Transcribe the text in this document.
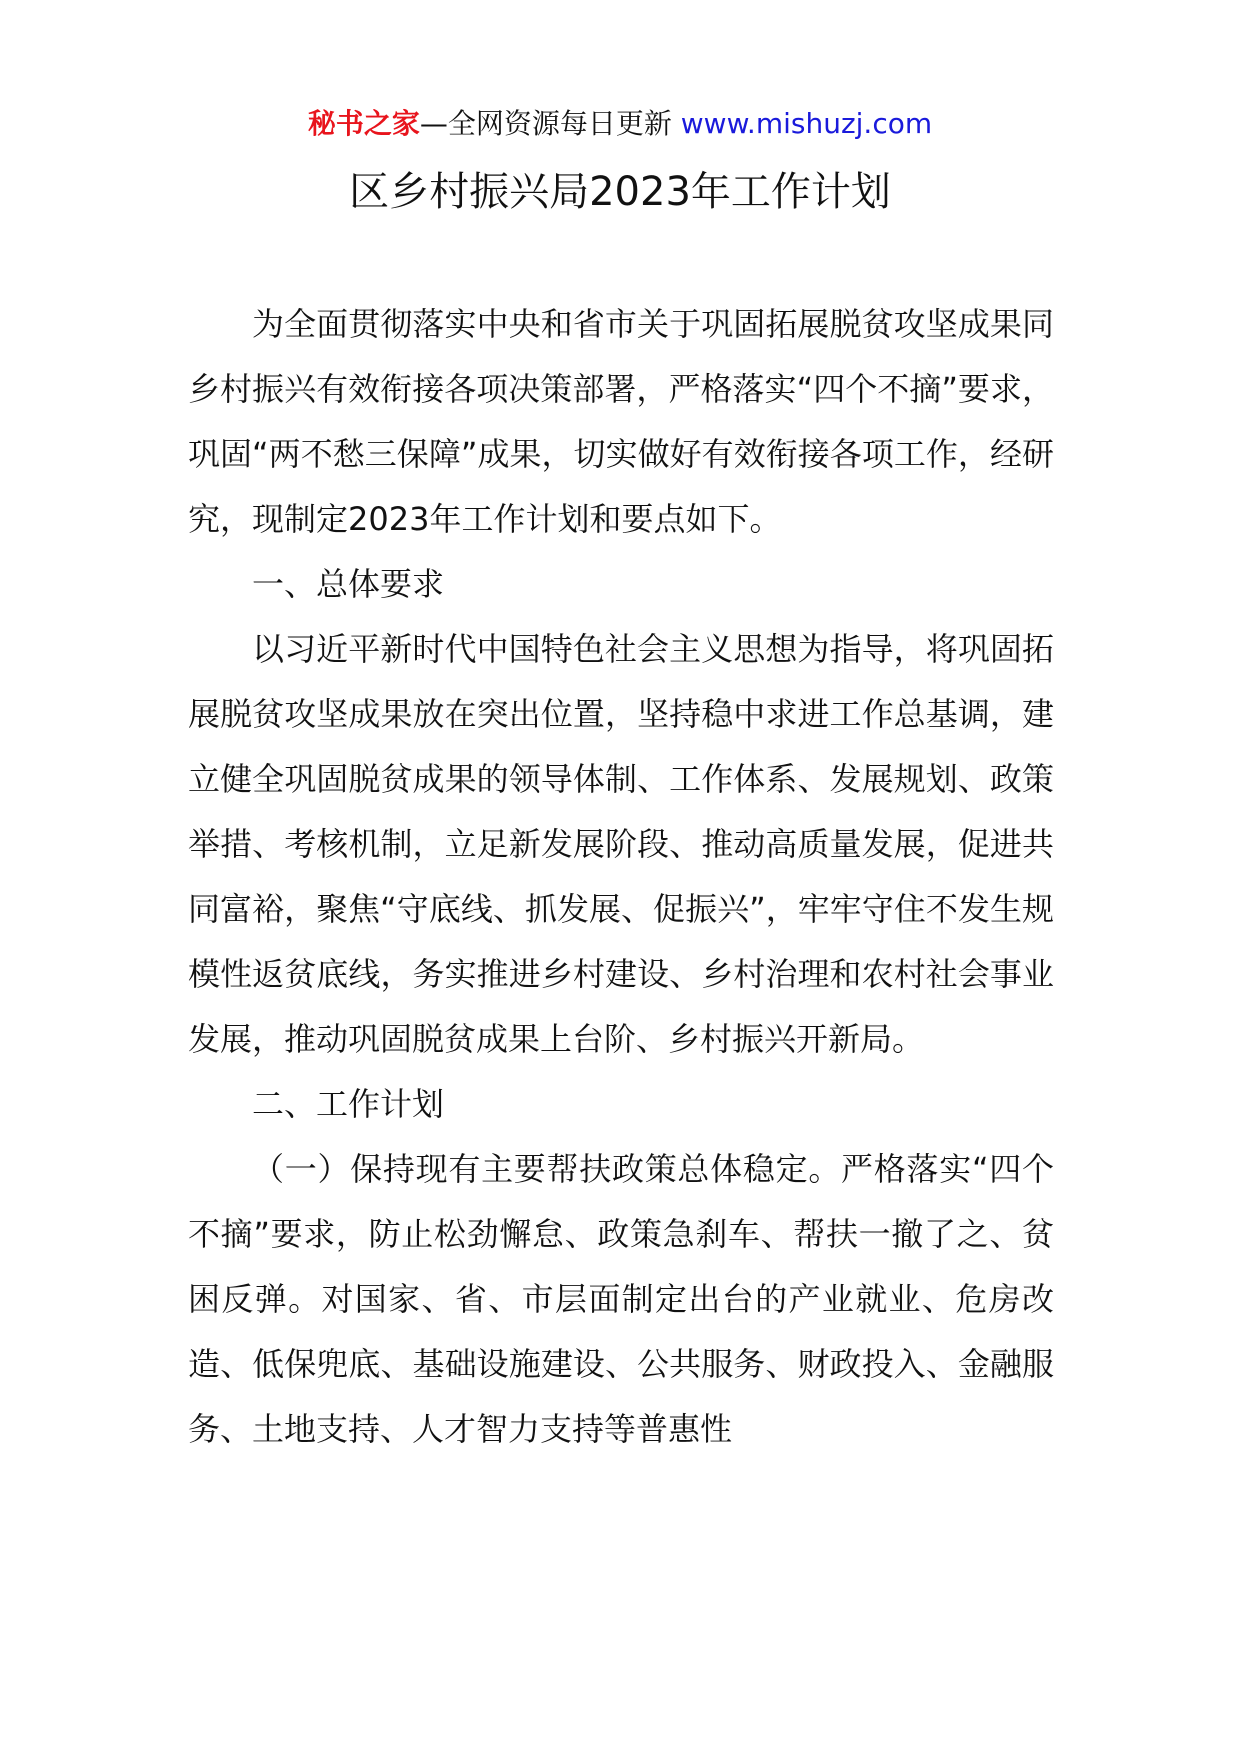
秘书之家—全网资源每日更新 www.mishuzj.com
区乡村振兴局2023年工作计划

为全面贯彻落实中央和省市关于巩固拓展脱贫攻坚成果同乡村振兴有效衔接各项决策部署，严格落实“四个不摘”要求，巩固“两不愁三保障”成果，切实做好有效衔接各项工作，经研究，现制定2023年工作计划和要点如下。

一、总体要求

以习近平新时代中国特色社会主义思想为指导，将巩固拓展脱贫攻坚成果放在突出位置，坚持稳中求进工作总基调，建立健全巩固脱贫成果的领导体制、工作体系、发展规划、政策举措、考核机制，立足新发展阶段、推动高质量发展，促进共同富裕，聚焦“守底线、抓发展、促振兴”，牢牢守住不发生规模性返贫底线，务实推进乡村建设、乡村治理和农村社会事业发展，推动巩固脱贫成果上台阶、乡村振兴开新局。

二、工作计划

（一）保持现有主要帮扶政策总体稳定。严格落实“四个不摘”要求，防止松劲懈怠、政策急刹车、帮扶一撤了之、贫困反弹。对国家、省、市层面制定出台的产业就业、危房改造、低保兜底、基础设施建设、公共服务、财政投入、金融服务、土地支持、人才智力支持等普惠性
